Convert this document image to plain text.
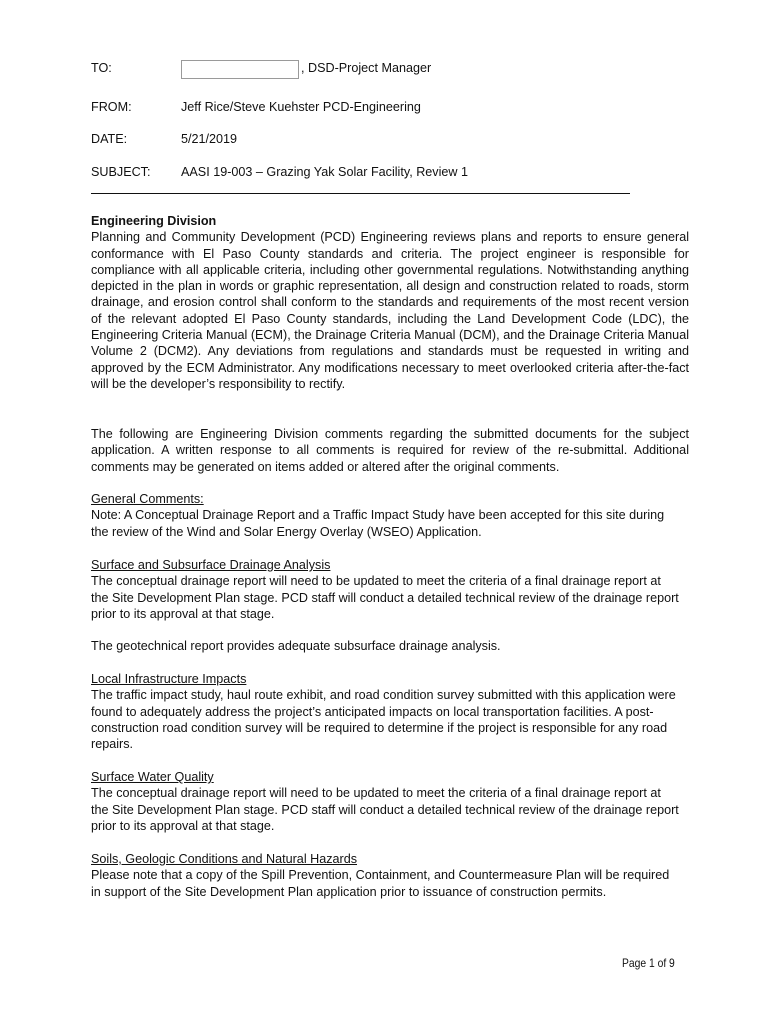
TO:	, DSD-Project Manager
FROM:	Jeff Rice/Steve Kuehster PCD-Engineering
DATE:	5/21/2019
SUBJECT: AASI 19-003 – Grazing Yak Solar Facility, Review 1
Engineering Division

Planning and Community Development (PCD) Engineering reviews plans and reports to ensure general conformance with El Paso County standards and criteria. The project engineer is responsible for compliance with all applicable criteria, including other governmental regulations. Notwithstanding anything depicted in the plan in words or graphic representation, all design and construction related to roads, storm drainage, and erosion control shall conform to the standards and requirements of the most recent version of the relevant adopted El Paso County standards, including the Land Development Code (LDC), the Engineering Criteria Manual (ECM), the Drainage Criteria Manual (DCM), and the Drainage Criteria Manual Volume 2 (DCM2). Any deviations from regulations and standards must be requested in writing and approved by the ECM Administrator. Any modifications necessary to meet overlooked criteria after-the-fact will be the developer’s responsibility to rectify.

The following are Engineering Division comments regarding the submitted documents for the subject application. A written response to all comments is required for review of the re-submittal. Additional comments may be generated on items added or altered after the original comments.

General Comments:

Note: A Conceptual Drainage Report and a Traffic Impact Study have been accepted for this site during the review of the Wind and Solar Energy Overlay (WSEO) Application.

Surface and Subsurface Drainage Analysis

The conceptual drainage report will need to be updated to meet the criteria of a final drainage report at the Site Development Plan stage. PCD staff will conduct a detailed technical review of the drainage report prior to its approval at that stage.

The geotechnical report provides adequate subsurface drainage analysis.

Local Infrastructure Impacts

The traffic impact study, haul route exhibit, and road condition survey submitted with this application were found to adequately address the project’s anticipated impacts on local transportation facilities. A post-construction road condition survey will be required to determine if the project is responsible for any road repairs.

Surface Water Quality

The conceptual drainage report will need to be updated to meet the criteria of a final drainage report at the Site Development Plan stage. PCD staff will conduct a detailed technical review of the drainage report prior to its approval at that stage.

Soils, Geologic Conditions and Natural Hazards

Please note that a copy of the Spill Prevention, Containment, and Countermeasure Plan will be required in support of the Site Development Plan application prior to issuance of construction permits.

Page 1 of 9
